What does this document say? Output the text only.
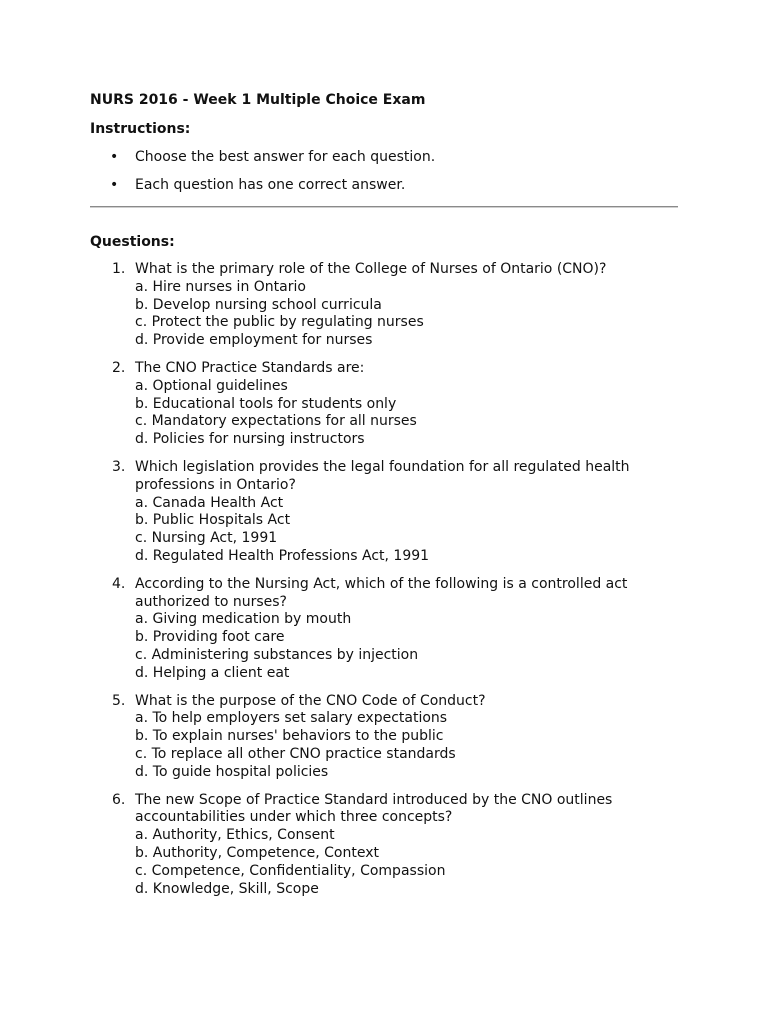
NURS 2016 - Week 1 Multiple Choice Exam
Instructions:
• Choose the best answer for each question.
• Each question has one correct answer.
Questions:
1. What is the primary role of the College of Nurses of Ontario (CNO)?
a. Hire nurses in Ontario
b. Develop nursing school curricula
c. Protect the public by regulating nurses
d. Provide employment for nurses
2. The CNO Practice Standards are:
a. Optional guidelines
b. Educational tools for students only
c. Mandatory expectations for all nurses
d. Policies for nursing instructors
3. Which legislation provides the legal foundation for all regulated health professions in Ontario?
a. Canada Health Act
b. Public Hospitals Act
c. Nursing Act, 1991
d. Regulated Health Professions Act, 1991
4. According to the Nursing Act, which of the following is a controlled act authorized to nurses?
a. Giving medication by mouth
b. Providing foot care
c. Administering substances by injection
d. Helping a client eat
5. What is the purpose of the CNO Code of Conduct?
a. To help employers set salary expectations
b. To explain nurses' behaviors to the public
c. To replace all other CNO practice standards
d. To guide hospital policies
6. The new Scope of Practice Standard introduced by the CNO outlines accountabilities under which three concepts?
a. Authority, Ethics, Consent
b. Authority, Competence, Context
c. Competence, Confidentiality, Compassion
d. Knowledge, Skill, Scope
